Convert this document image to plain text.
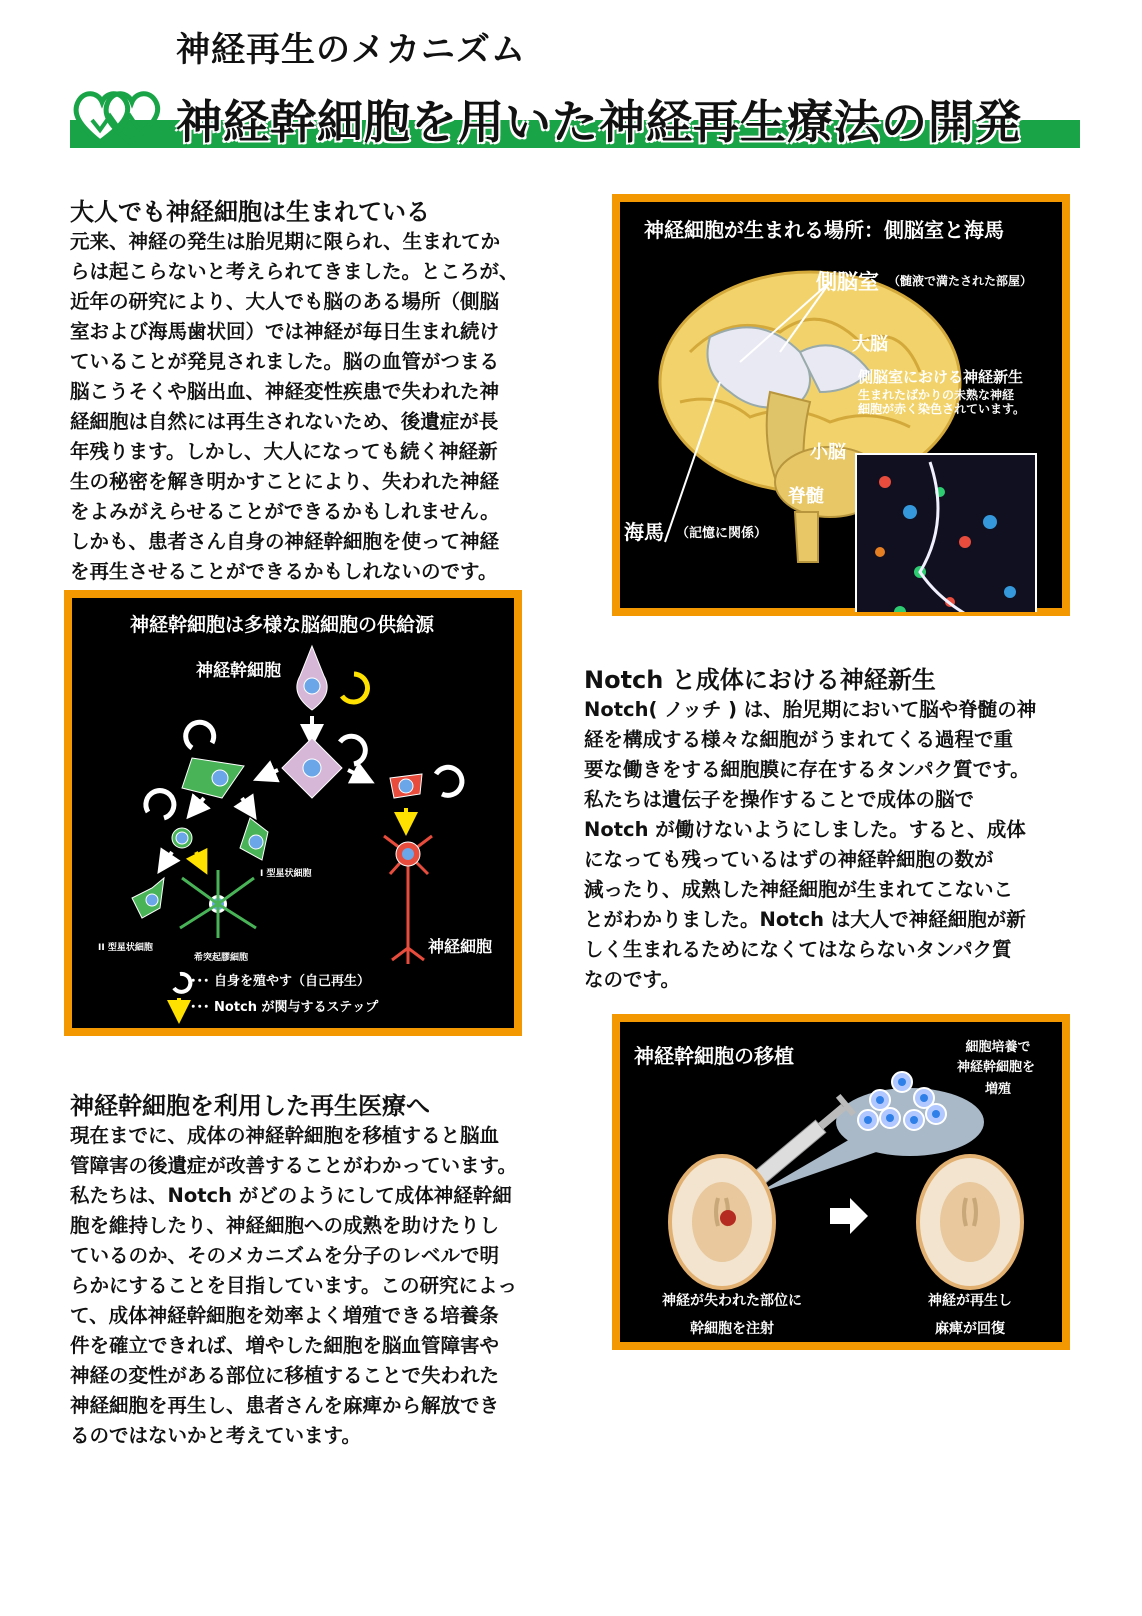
神経再生のメカニズム
神経幹細胞を用いた神経再生療法の開発
大人でも神経細胞は生まれている
元来、神経の発生は胎児期に限られ、生まれてか
らは起こらないと考えられてきました。ところが、
近年の研究により、大人でも脳のある場所（側脳
室および海馬歯状回）では神経が毎日生まれ続け
ていることが発見されました。脳の血管がつまる
脳こうそくや脳出血、神経変性疾患で失われた神
経細胞は自然には再生されないため、後遺症が長
年残ります。しかし、大人になっても続く神経新
生の秘密を解き明かすことにより、失われた神経
をよみがえらせることができるかもしれません。
しかも、患者さん自身の神経幹細胞を使って神経
を再生させることができるかもしれないのです。
神経細胞が生まれる場所：側脳室と海馬
側脳室 （髄液で満たされた部屋）
大脳
側脳室における神経新生
生まれたばかりの未熟な神経
細胞が赤く染色されています。
小脳
脊髄
海馬 （記憶に関係）
神経幹細胞は多様な脳細胞の供給源
神経幹細胞
I 型星状細胞
II 型星状細胞
希突起膠細胞
神経細胞
･･･ 自身を殖やす（自己再生）
･･･ Notch が関与するステップ
Notch と成体における神経新生
Notch( ノッチ ) は、胎児期において脳や脊髄の神
経を構成する様々な細胞がうまれてくる過程で重
要な働きをする細胞膜に存在するタンパク質です。
私たちは遺伝子を操作することで成体の脳で
Notch が働けないようにしました。すると、成体
になっても残っているはずの神経幹細胞の数が
減ったり、成熟した神経細胞が生まれてこないこ
とがわかりました。Notch は大人で神経細胞が新
しく生まれるためになくてはならないタンパク質
なのです。
神経幹細胞を利用した再生医療へ
現在までに、成体の神経幹細胞を移植すると脳血
管障害の後遺症が改善することがわかっています。
私たちは、Notch がどのようにして成体神経幹細
胞を維持したり、神経細胞への成熟を助けたりし
ているのか、そのメカニズムを分子のレベルで明
らかにすることを目指しています。この研究によっ
て、成体神経幹細胞を効率よく増殖できる培養条
件を確立できれば、増やした細胞を脳血管障害や
神経の変性がある部位に移植することで失われた
神経細胞を再生し、患者さんを麻痺から解放でき
るのではないかと考えています。
神経幹細胞の移植	細胞培養で
神経幹細胞を
増殖
神経が失われた部位に
幹細胞を注射
神経が再生し
麻痺が回復
